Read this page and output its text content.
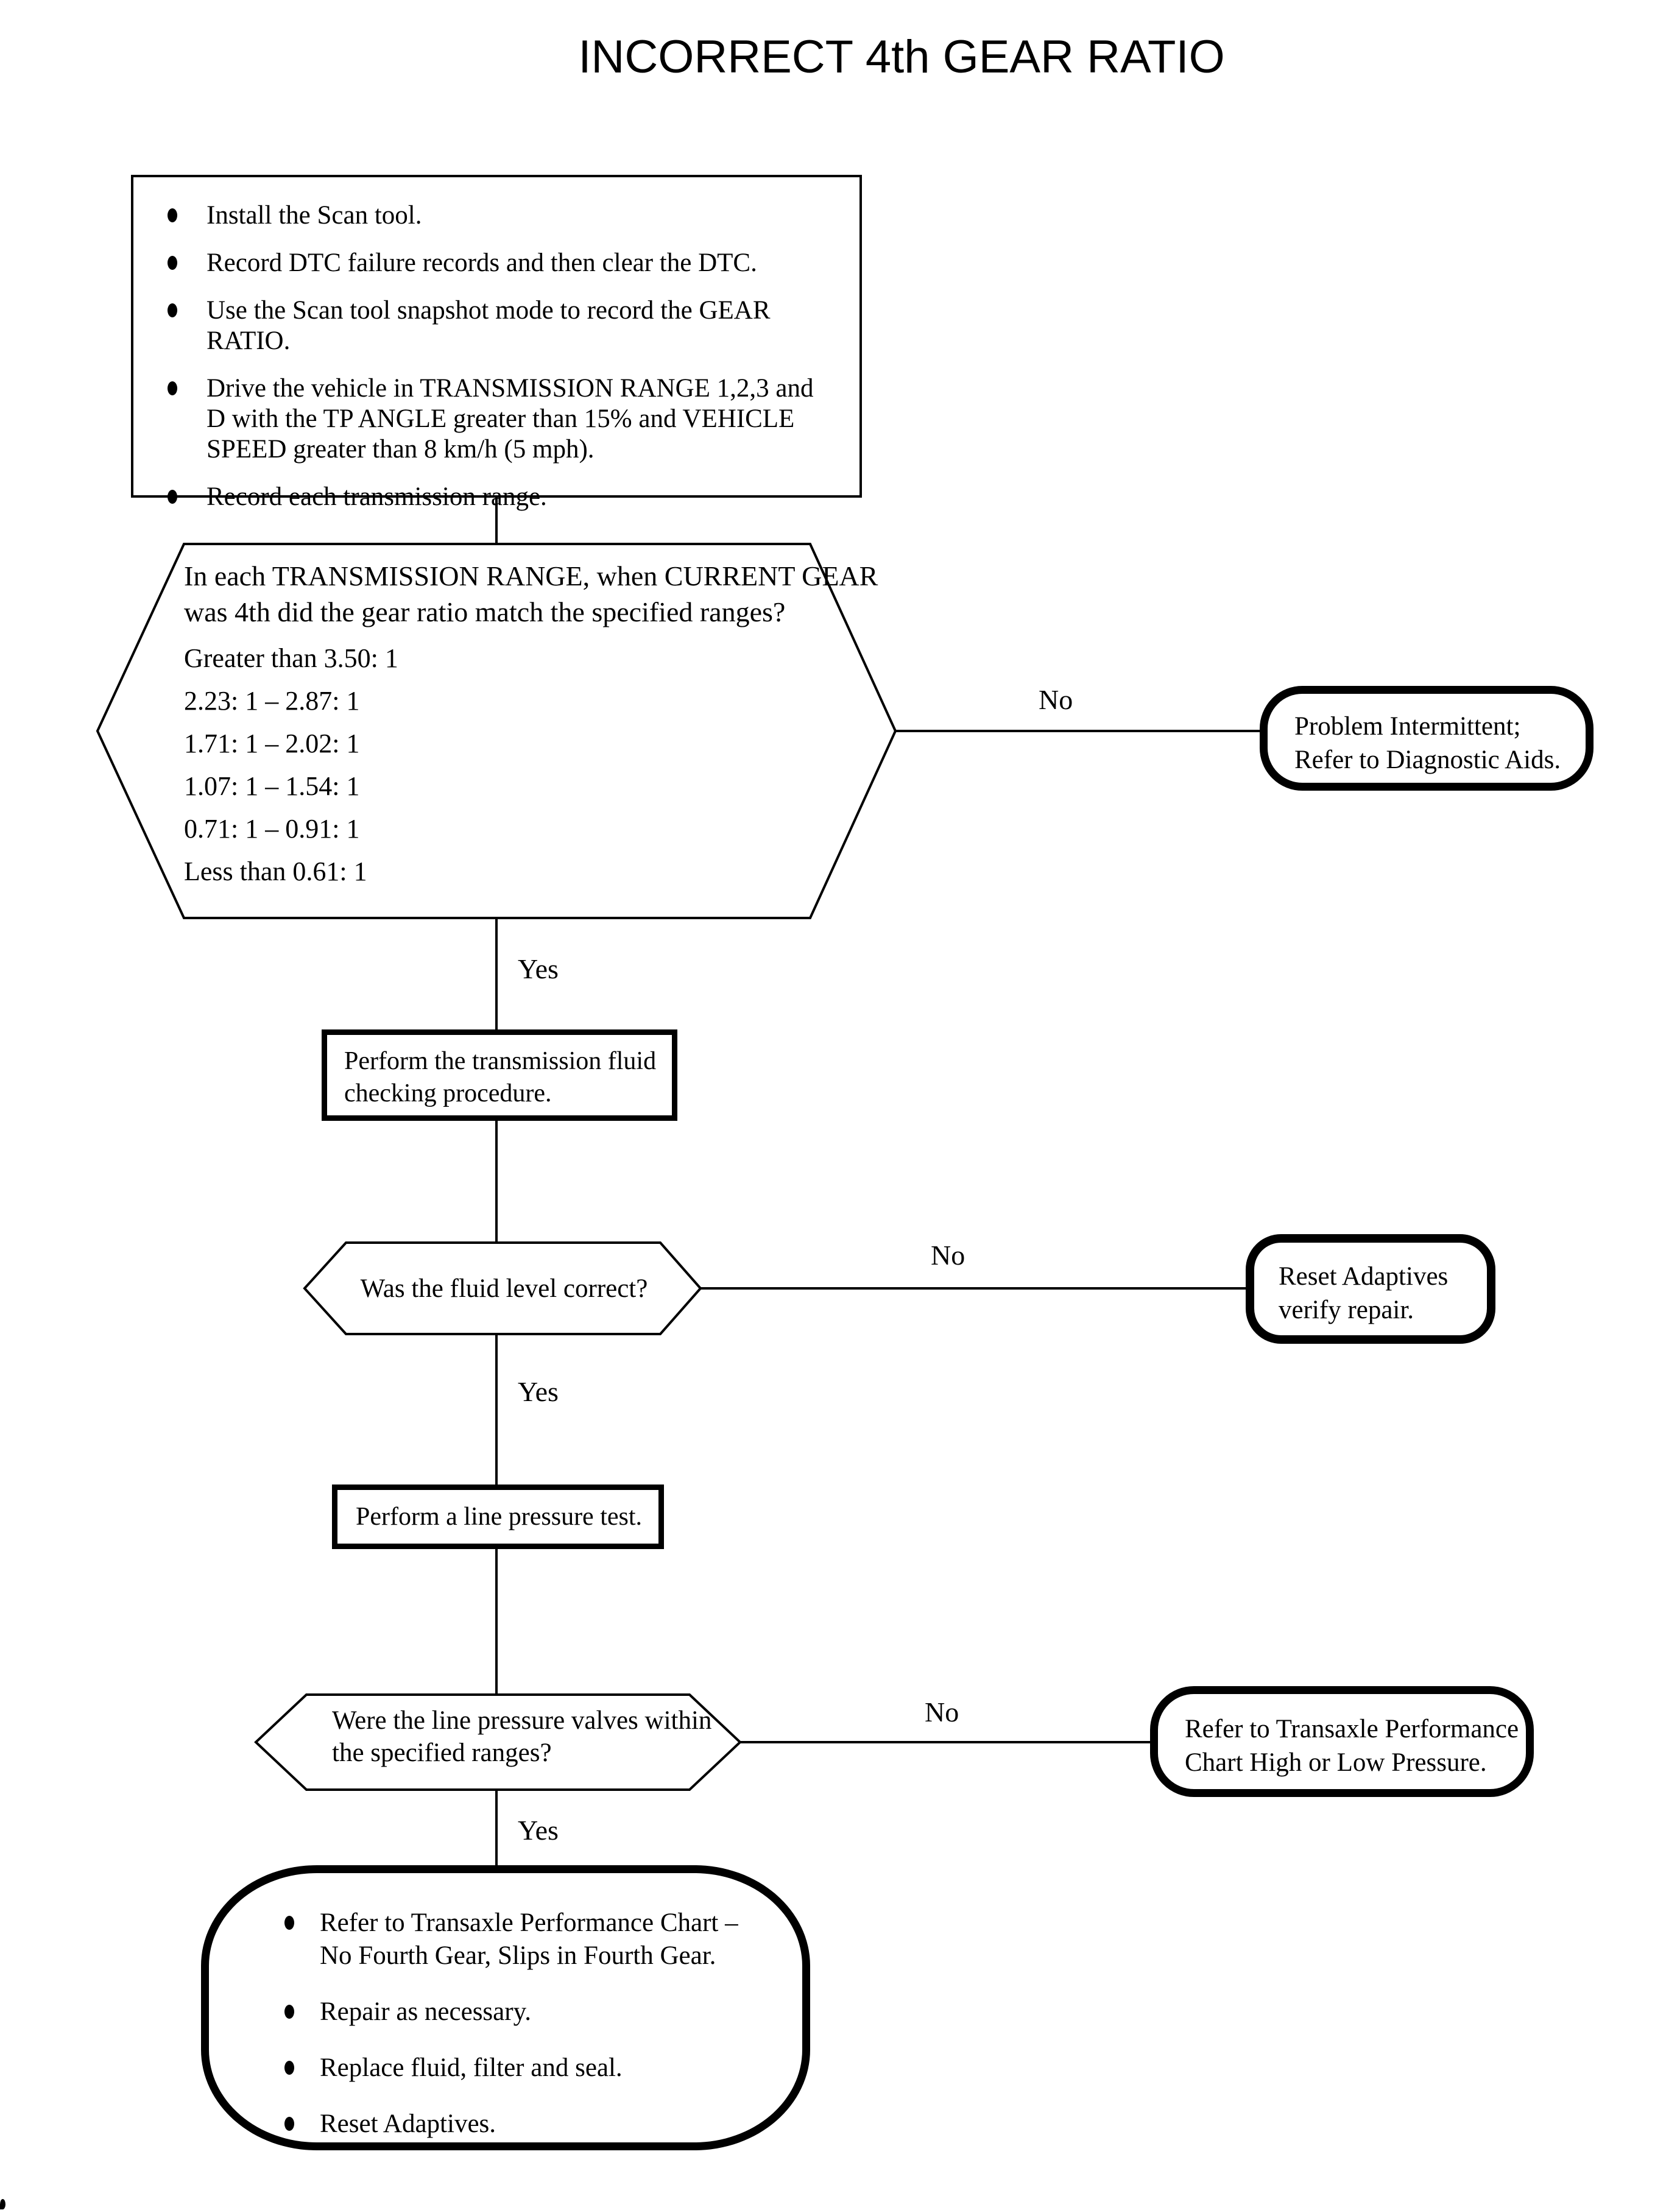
INCORRECT 4th GEAR RATIO
Install the Scan tool.
Record DTC failure records and then clear the DTC.
Use the Scan tool snapshot mode to record the GEAR RATIO.
Drive the vehicle in TRANSMISSION RANGE 1,2,3 and D with the TP ANGLE greater than 15% and VEHICLE SPEED greater than 8 km/h (5 mph).
Record each transmission range.
In each TRANSMISSION RANGE, when CURRENT GEAR was 4th did the gear ratio match the specified ranges?
Greater than 3.50: 1
2.23: 1 – 2.87: 1
1.71: 1 – 2.02: 1
1.07: 1 – 1.54: 1
0.71: 1 – 0.91: 1
Less than 0.61: 1
No
Problem Intermittent;
Refer to Diagnostic Aids.
Yes
Perform the transmission fluid
checking procedure.
Was the fluid level correct?
No
Reset Adaptives
verify repair.
Yes
Perform a line pressure test.
Were the line pressure valves within
the specified ranges?
No
Refer to Transaxle Performance
Chart High or Low Pressure.
Yes
Refer to Transaxle Performance Chart – No Fourth Gear, Slips in Fourth Gear.
Repair as necessary.
Replace fluid, filter and seal.
Reset Adaptives.
